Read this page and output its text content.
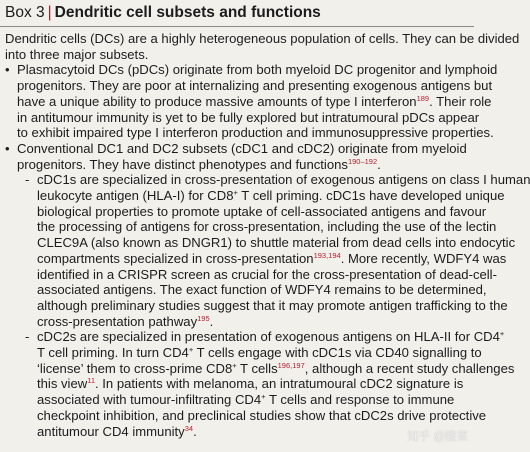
Box 3 | Dendritic cell subsets and functions

Dendritic cells (DCs) are a highly heterogeneous population of cells. They can be divided
into three major subsets.

• Plasmacytoid DCs (pDCs) originate from both myeloid DC progenitor and lymphoid
progenitors. They are poor at internalizing and presenting exogenous antigens but
have a unique ability to produce massive amounts of type I interferon$^{189}$. Their role
in antitumour immunity is yet to be fully explored but intratumoural pDCs appear
to exhibit impaired type I interferon production and immunosuppressive properties.
• Conventional DC1 and DC2 subsets (cDC1 and cDC2) originate from myeloid
progenitors. They have distinct phenotypes and functions$^{190-192}$.
- cDC1s are specialized in cross-presentation of exogenous antigens on class I human
leukocyte antigen (HLA-I) for CD8+ T cell priming. cDC1s have developed unique
biological properties to promote uptake of cell-associated antigens and favour
the processing of antigens for cross-presentation, including the use of the lectin
CLEC9A (also known as DNGR1) to shuttle material from dead cells into endocytic
compartments specialized in cross-presentation$^{193,194}$. More recently, WDFY4 was
identified in a CRISPR screen as crucial for the cross-presentation of dead-cell-
associated antigens. The exact function of WDFY4 remains to be determined,
although preliminary studies suggest that it may promote antigen trafficking to the
cross-presentation pathway$^{195}$.
- cDC2s are specialized in presentation of exogenous antigens on HLA-II for CD4+
T cell priming. In turn CD4+ T cells engage with cDC1s via CD40 signalling to
‘license’ them to cross-prime CD8+ T cells$^{196,197}$, although a recent study challenges
this view$^{11}$. In patients with melanoma, an intratumoural cDC2 signature is
associated with tumour-infiltrating CD4+ T cells and response to immune
checkpoint inhibition, and preclinical studies show that cDC2s drive protective
antitumour CD4 immunity$^{34}$.	知乎 @酸菜
